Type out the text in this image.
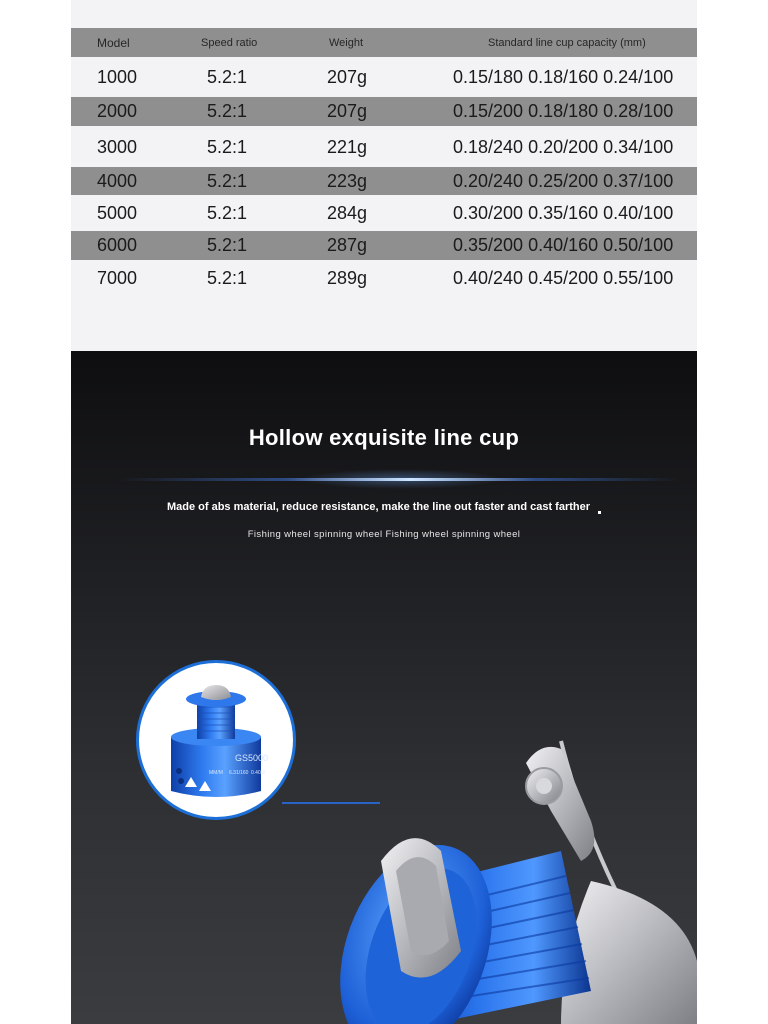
Model	Speed ratio	Weight	Standard line cup capacity (mm)
1000	5.2:1	207g	0.15/180 0.18/160 0.24/100
2000	5.2:1	207g	0.15/200 0.18/180 0.28/100
3000	5.2:1	221g	0.18/240 0.20/200 0.34/100
4000	5.2:1	223g	0.20/240 0.25/200 0.37/100
5000	5.2:1	284g	0.30/200 0.35/160 0.40/100
6000	5.2:1	287g	0.35/200 0.40/160 0.50/100
7000	5.2:1	289g	0.40/240 0.45/200 0.55/100
Hollow exquisite line cup
Made of abs material, reduce resistance, make the line out faster and cast farther
Fishing wheel spinning wheel Fishing wheel spinning wheel
GS5000
MM/M 6.31/160 0.40/2
